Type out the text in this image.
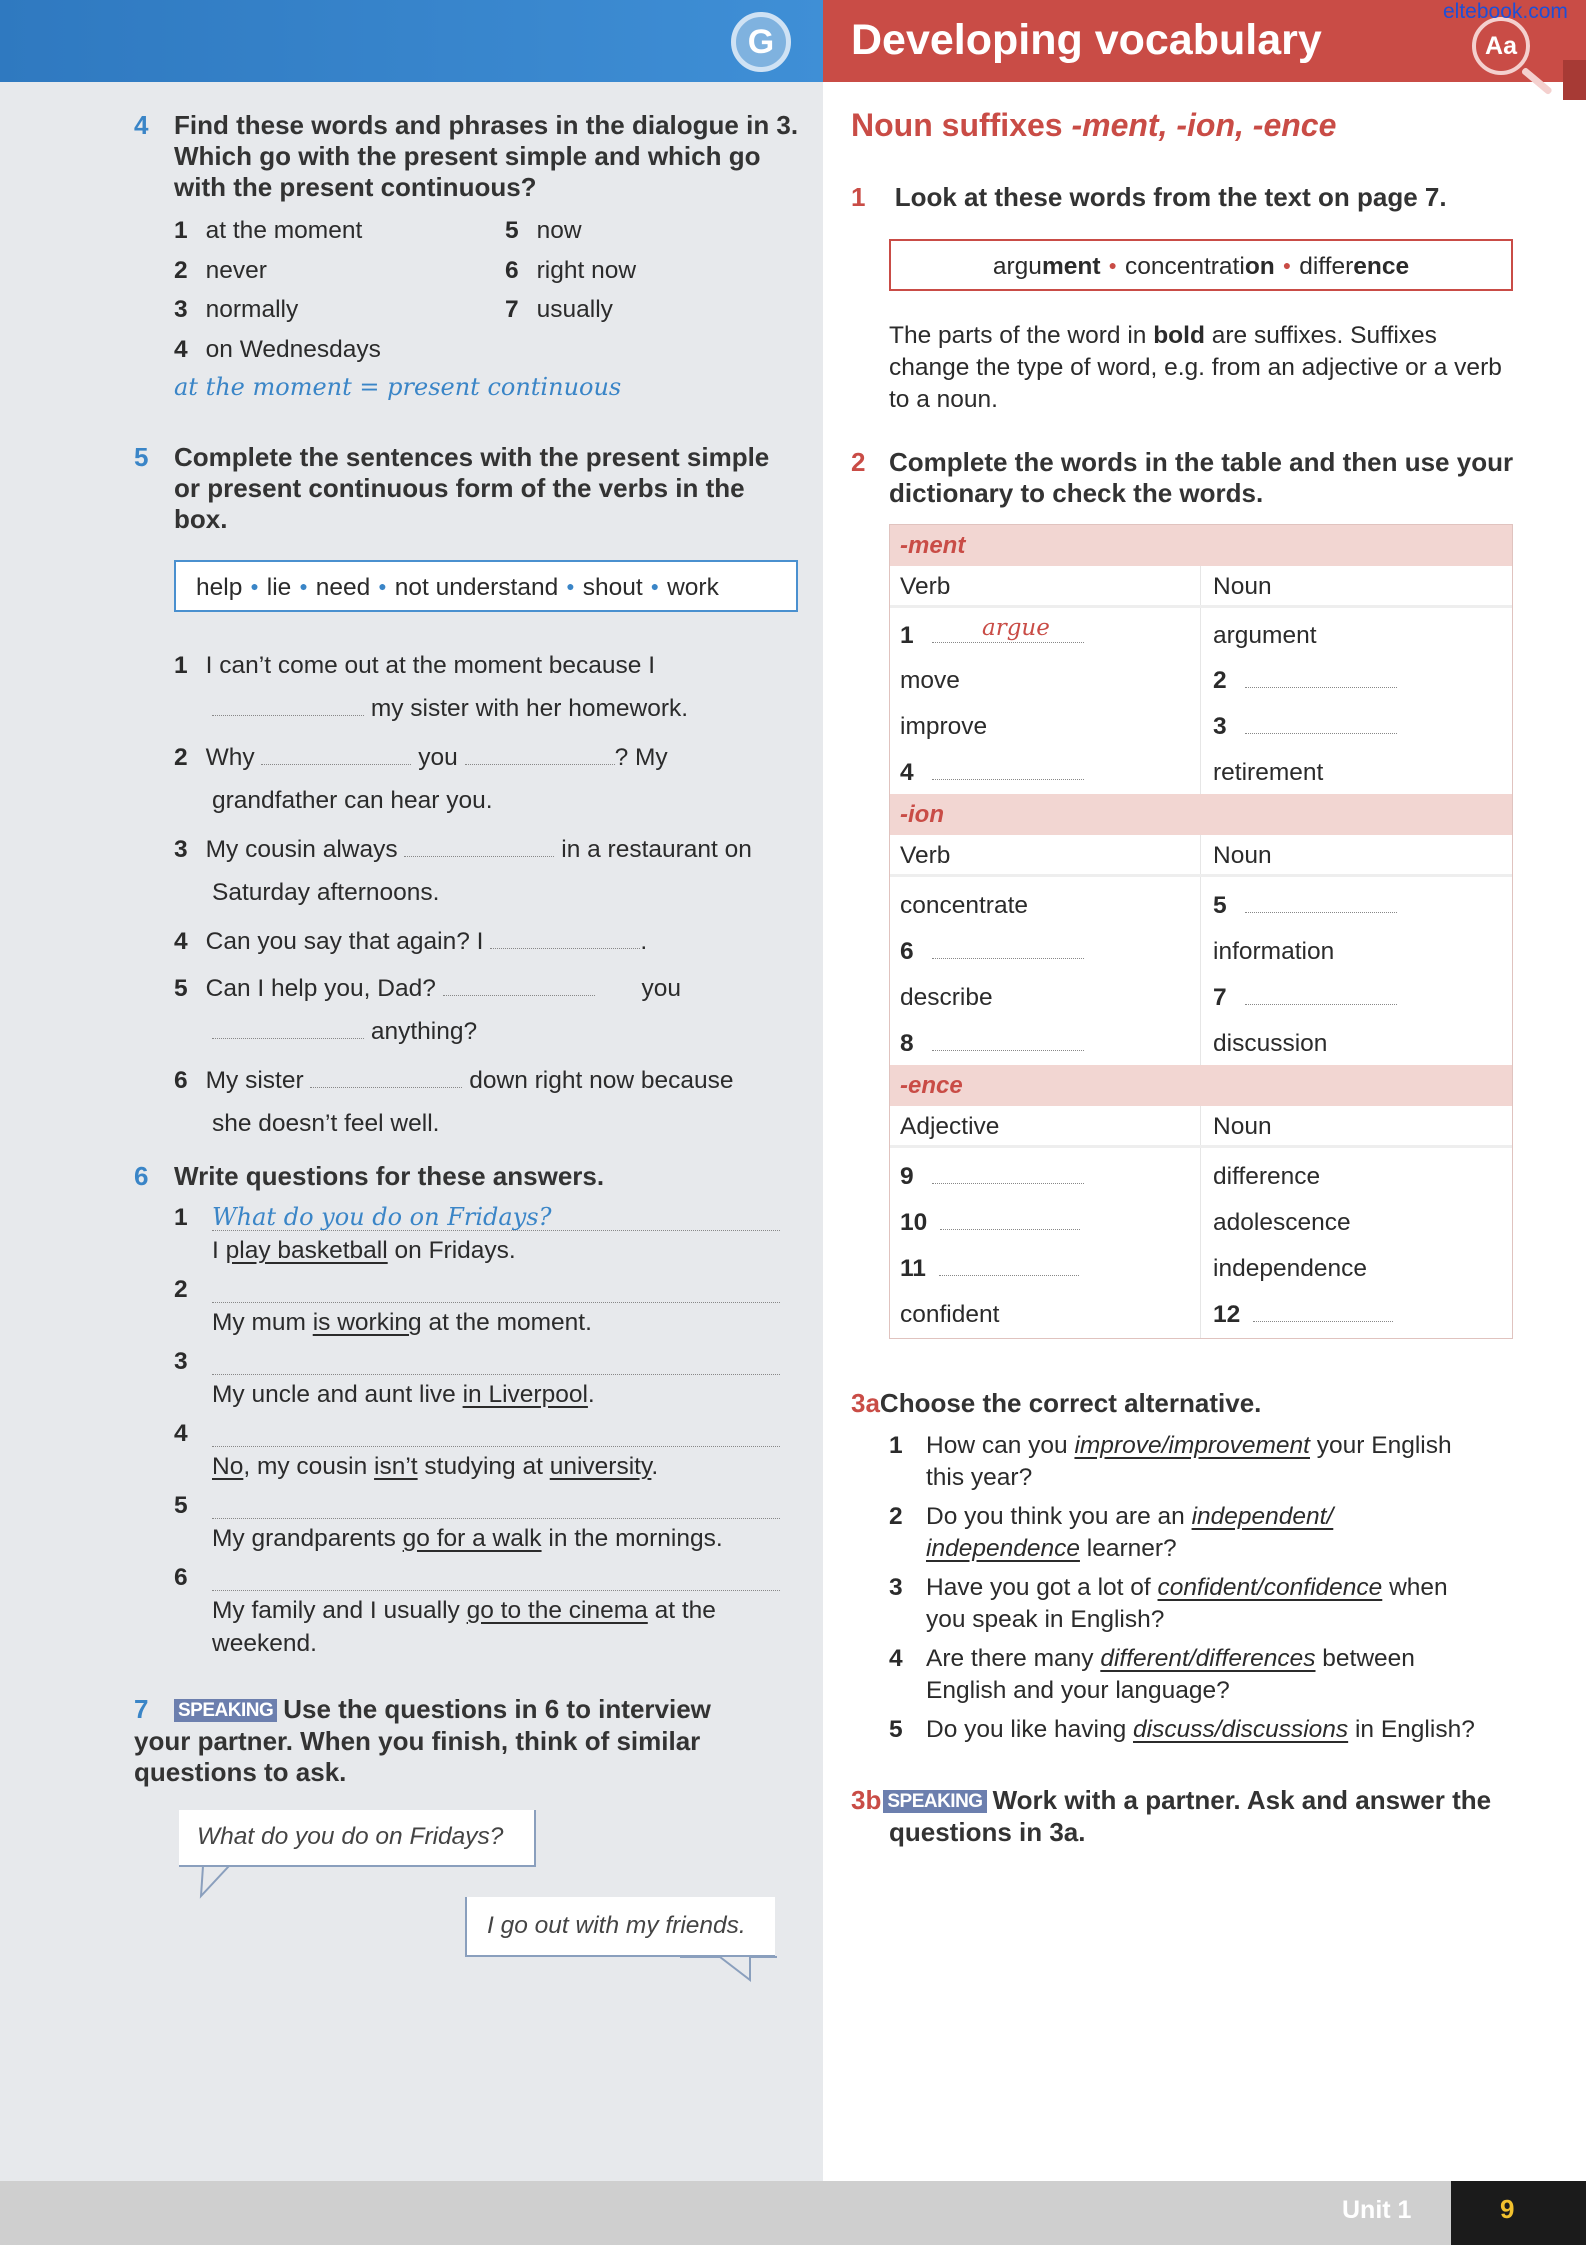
G	Developing vocabulary	Aa
eltebook.com
4 Find these words and phrases in the dialogue in 3. Which go with the present simple and which go with the present continuous?
1 at the moment
2 never
3 normally
4 on Wednesdays
5 now
6 right now
7 usually
at the moment = present continuous
5 Complete the sentences with the present simple or present continuous form of the verbs in the box.
help ● lie ● need ● not understand ● shout ● work
1 I can’t come out at the moment because I
my sister with her homework.
2 Why	you	? My
grandfather can hear you.
3 My cousin always	in a restaurant on
Saturday afternoons.
4 Can you say that again? I	.
5 Can I help you, Dad?	you
anything?
6 My sister	down right now because
she doesn’t feel well.
6 Write questions for these answers.
1 What do you do on Fridays?
I play basketball on Fridays.
2
My mum is working at the moment.
3
My uncle and aunt live in Liverpool.
4
No, my cousin isn’t studying at university.
5
My grandparents go for a walk in the mornings.
6
My family and I usually go to the cinema at the
weekend.
7 SPEAKING Use the questions in 6 to interview
your partner. When you finish, think of similar
questions to ask.
What do you do on Fridays?
I go out with my friends.
Noun suffixes -ment, -ion, -ence
1 Look at these words from the text on page 7.
argument ● concentration ● difference
The parts of the word in bold are suffixes. Suffixes change the type of word, e.g. from an adjective or a verb to a noun.
2 Complete the words in the table and then use your dictionary to check the words.
-ment
Verb	Noun
1	argue	argument
move	2
improve	3
4	retirement
-ion
Verb	Noun
concentrate	5
6	information
describe	7
8	discussion
-ence
Adjective	Noun
9	difference
10	adolescence
11	independence
confident	12
3aChoose the correct alternative.
1 How can you improve/improvement your English
this year?
2 Do you think you are an independent/
independence learner?
3 Have you got a lot of confident/confidence when
you speak in English?
4 Are there many different/differences between
English and your language?
5 Do you like having discuss/discussions in English?
3b SPEAKING Work with a partner. Ask and answer the
questions in 3a.
Unit 1	9
